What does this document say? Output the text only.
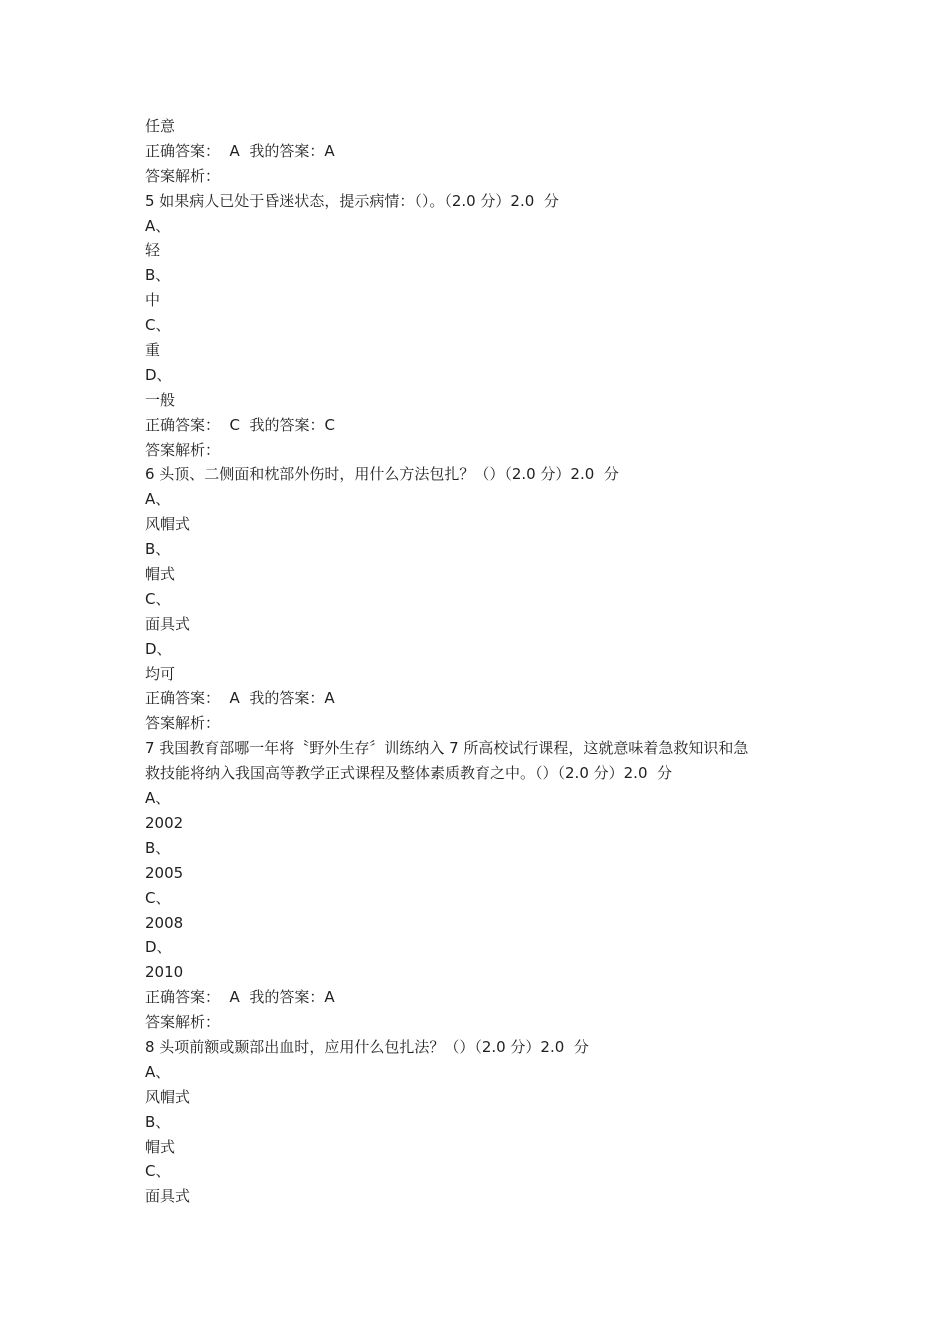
任意
正确答案：  A  我的答案：A
答案解析：
5 如果病人已处于昏迷状态，提示病情：（）。（2.0 分）2.0  分
A、
轻
B、
中
C、
重
D、
一般
正确答案：  C  我的答案：C
答案解析：
6 头顶、二侧面和枕部外伤时，用什么方法包扎？（）（2.0 分）2.0  分
A、
风帽式
B、
帽式
C、
面具式
D、
均可
正确答案：  A  我的答案：A
答案解析：
7 我国教育部哪一年将〝野外生存〞训练纳入 7 所高校试行课程，这就意味着急救知识和急
救技能将纳入我国高等教学正式课程及整体素质教育之中。（）（2.0 分）2.0  分
A、
2002
B、
2005
C、
2008
D、
2010
正确答案：  A  我的答案：A
答案解析：
8 头项前额或颞部出血时，应用什么包扎法？（）（2.0 分）2.0  分
A、
风帽式
B、
帽式
C、
面具式
